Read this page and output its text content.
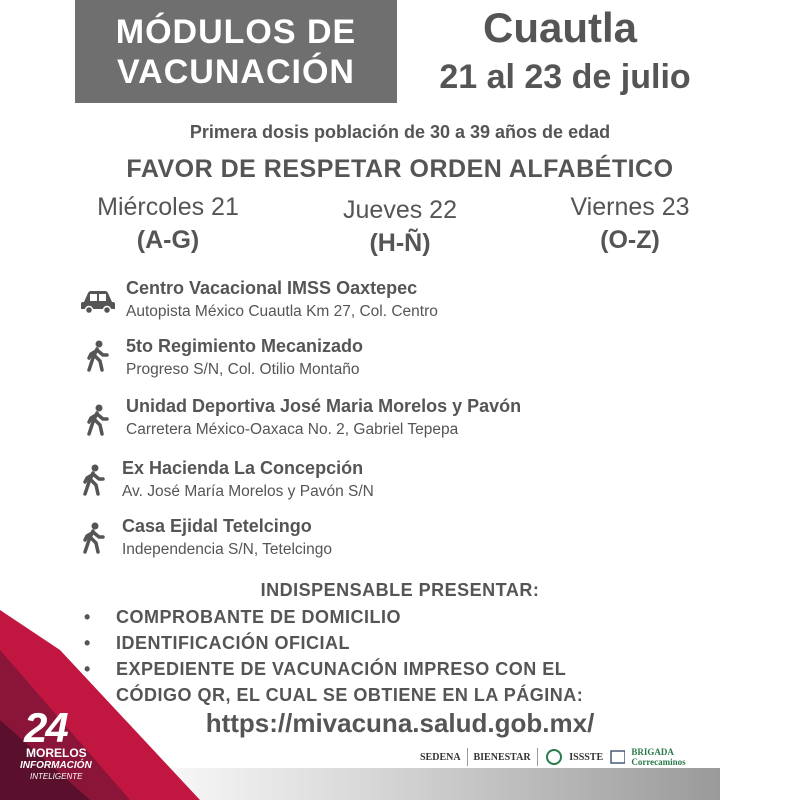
MÓDULOS DE
VACUNACIÓN
Cuautla
21 al 23 de julio
Primera dosis población de 30 a 39 años de edad
FAVOR DE RESPETAR ORDEN ALFABÉTICO
Miércoles 21
(A-G)
Jueves 22
(H-Ñ)
Viernes 23
(O-Z)
Centro Vacacional IMSS Oaxtepec
Autopista México Cuautla Km 27, Col. Centro
5to Regimiento Mecanizado
Progreso S/N, Col. Otilio Montaño
Unidad Deportiva José Maria Morelos y Pavón
Carretera México-Oaxaca No. 2, Gabriel Tepepa
Ex Hacienda La Concepción
Av. José María Morelos y Pavón S/N
Casa Ejidal Tetelcingo
Independencia S/N, Tetelcingo
INDISPENSABLE PRESENTAR:
• COMPROBANTE DE DOMICILIO
• IDENTIFICACIÓN OFICIAL
• EXPEDIENTE DE VACUNACIÓN IMPRESO CON EL
CÓDIGO QR, EL CUAL SE OBTIENE EN LA PÁGINA:
https://mivacuna.salud.gob.mx/
SEDENA BIENESTAR	ISSSTE	BRIGADA Correcaminos
24
MORELOS
INFORMACIÓN
INTELIGENTE
